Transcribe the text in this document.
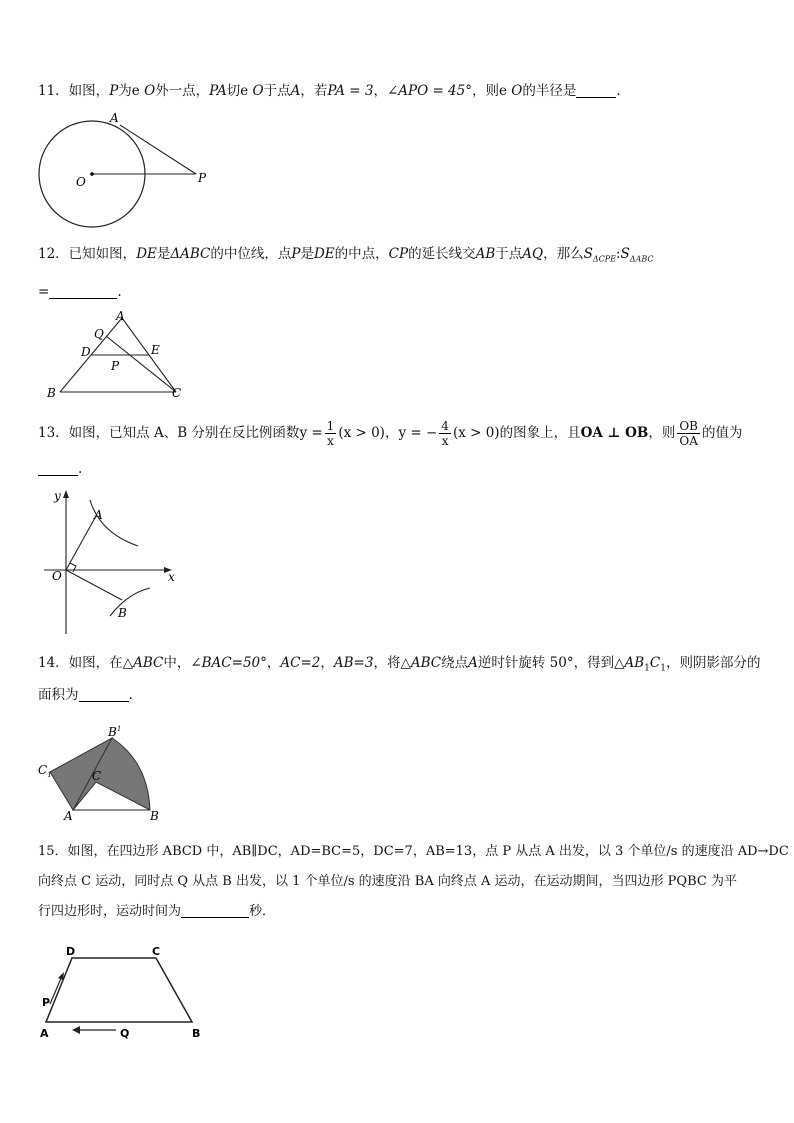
11．如图，P为e O外一点，PA切e O于点A，若PA = 3，∠APO = 45°，则e O的半径是	.
A
O	P
12．已知如图，DE是ΔABC的中位线，点P是DE的中点，CP的延长线交AB于点AQ，那么$S_{\Delta CPE}:S_{\Delta ABC}$
=	.
A
Q
D	E
P
B	C
13．如图，已知点 A、B 分别在反比例函数$y = \frac{1}{x} (x > 0)$，y = − $\frac{4}{x} (x > 0)$的图象上，且OA ⊥ OB，则 $\frac{OB}{OA}$ 的值为
.
y
x
O
A
B
14．如图，在△ABC中，∠BAC=50°，AC=2，AB=3，将△ABC绕点A逆时针旋转 50°，得到$\triangle AB_1C_1$，则阴影部分的
面积为	.
$B^1$
$C_1$	C
A	B
15．如图，在四边形 ABCD 中，AB∥DC，AD=BC=5，DC=7，AB=13，点 P 从点 A 出发，以 3 个单位/s 的速度沿 AD→DC
向终点 C 运动，同时点 Q 从点 B 出发，以 1 个单位/s 的速度沿 BA 向终点 A 运动，在运动期间，当四边形 PQBC 为平
行四边形时，运动时间为	秒．
D	C
P
A	Q	B
